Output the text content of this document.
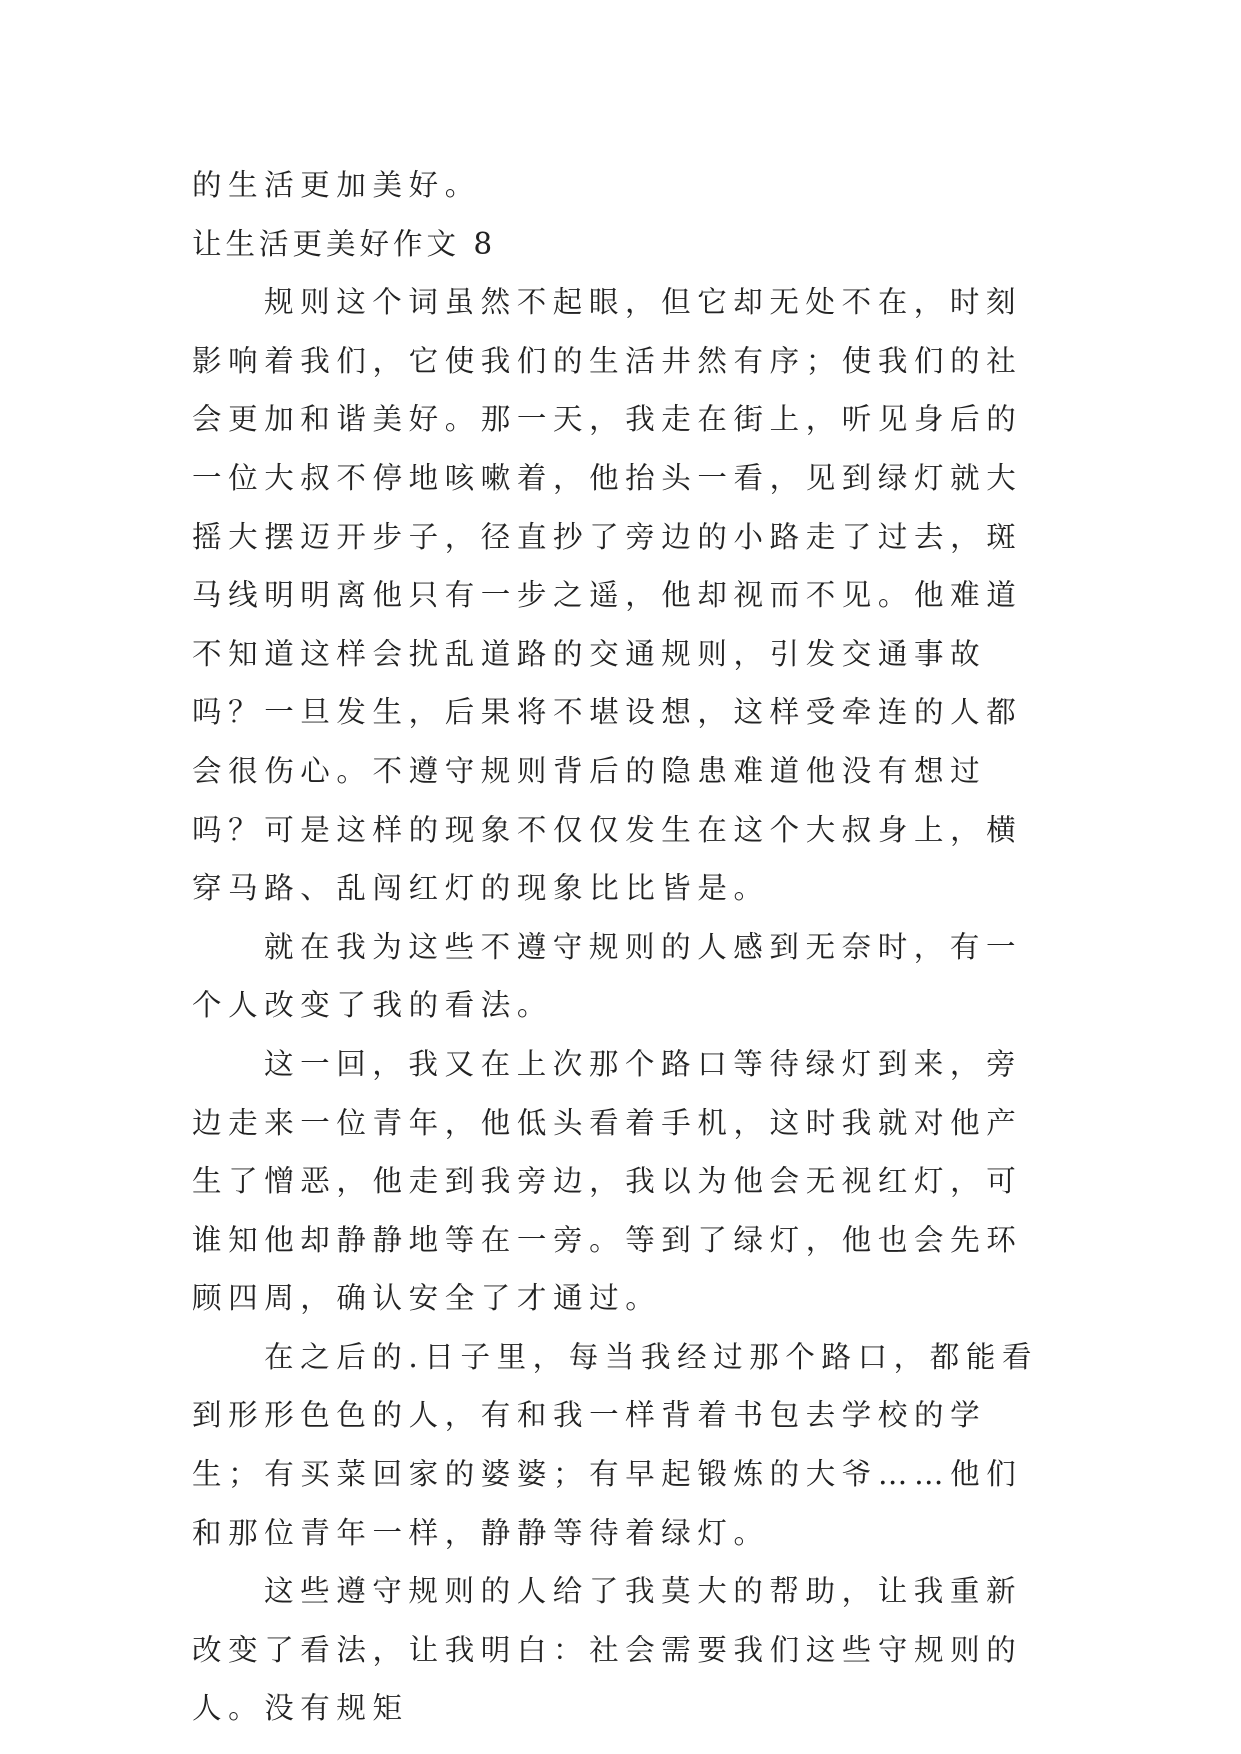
的生活更加美好。

让生活更美好作文 8

规则这个词虽然不起眼，但它却无处不在，时刻影响着我们，它使我们的生活井然有序；使我们的社会更加和谐美好。那一天，我走在街上，听见身后的一位大叔不停地咳嗽着，他抬头一看，见到绿灯就大摇大摆迈开步子，径直抄了旁边的小路走了过去，斑马线明明离他只有一步之遥，他却视而不见。他难道不知道这样会扰乱道路的交通规则，引发交通事故吗？一旦发生，后果将不堪设想，这样受牵连的人都会很伤心。不遵守规则背后的隐患难道他没有想过吗？可是这样的现象不仅仅发生在这个大叔身上，横穿马路、乱闯红灯的现象比比皆是。

就在我为这些不遵守规则的人感到无奈时，有一个人改变了我的看法。

这一回，我又在上次那个路口等待绿灯到来，旁边走来一位青年，他低头看着手机，这时我就对他产生了憎恶，他走到我旁边，我以为他会无视红灯，可谁知他却静静地等在一旁。等到了绿灯，他也会先环顾四周，确认安全了才通过。

在之后的.日子里，每当我经过那个路口，都能看到形形色色的人，有和我一样背着书包去学校的学生；有买菜回家的婆婆；有早起锻炼的大爷……他们和那位青年一样，静静等待着绿灯。

这些遵守规则的人给了我莫大的帮助，让我重新改变了看法，让我明白：社会需要我们这些守规则的人。没有规矩
